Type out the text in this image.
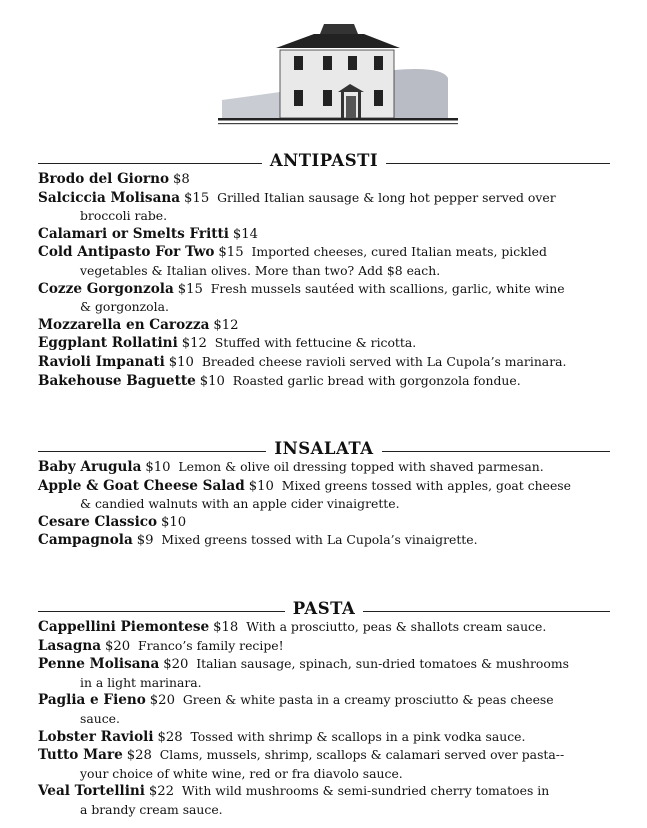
ANTIPASTI

Brodo del Giorno $8

Salciccia Molisana $15 Grilled Italian sausage & long hot pepper served over
broccoli rabe.

Calamari or Smelts Fritti $14

Cold Antipasto For Two $15 Imported cheeses, cured Italian meats, pickled
vegetables & Italian olives. More than two? Add $8 each.

Cozze Gorgonzola $15 Fresh mussels sautéed with scallions, garlic, white wine
& gorgonzola.

Mozzarella en Carozza $12

Eggplant Rollatini $12 Stuffed with fettucine & ricotta.

Ravioli Impanati $10 Breaded cheese ravioli served with La Cupola’s marinara.

Bakehouse Baguette $10 Roasted garlic bread with gorgonzola fondue.

INSALATA

Baby Arugula $10 Lemon & olive oil dressing topped with shaved parmesan.

Apple & Goat Cheese Salad $10 Mixed greens tossed with apples, goat cheese
& candied walnuts with an apple cider vinaigrette.

Cesare Classico $10

Campagnola $9 Mixed greens tossed with La Cupola’s vinaigrette.

PASTA

Cappellini Piemontese $18 With a prosciutto, peas & shallots cream sauce.

Lasagna $20 Franco’s family recipe!

Penne Molisana $20 Italian sausage, spinach, sun-dried tomatoes & mushrooms
in a light marinara.

Paglia e Fieno $20 Green & white pasta in a creamy prosciutto & peas cheese
sauce.

Lobster Ravioli $28 Tossed with shrimp & scallops in a pink vodka sauce.

Tutto Mare $28 Clams, mussels, shrimp, scallops & calamari served over pasta--
your choice of white wine, red or fra diavolo sauce.

Veal Tortellini $22 With wild mushrooms & semi-sundried cherry tomatoes in
a brandy cream sauce.
